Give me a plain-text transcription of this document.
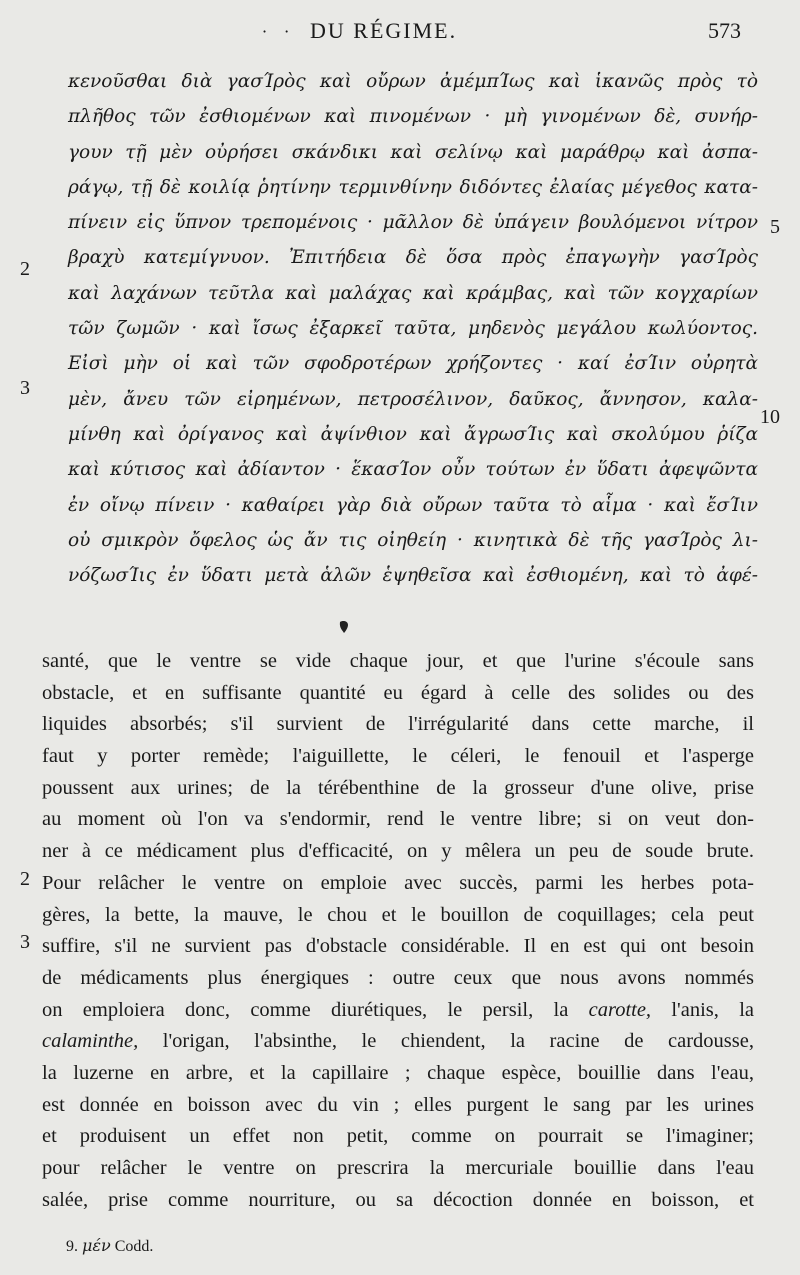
· · DU RÉGIME.	573
κενοῦσθαι διὰ γασΊρὸς καὶ οὔρων ἀμέμπΊως καὶ ἱκανῶς πρὸς τὸ
πλῆθος τῶν ἐσθιομένων καὶ πινομένων · μὴ γινομένων δὲ, συνήρ-
γουν τῇ μὲν οὐρήσει σκάνδικι καὶ σελίνῳ καὶ μαράθρῳ καὶ ἀσπα-
ράγῳ, τῇ δὲ κοιλίᾳ ῥητίνην τερμινθίνην διδόντες ἐλαίας μέγεθος κατα-
πίνειν εἰς ὕπνον τρεπομένοις · μᾶλλον δὲ ὑπάγειν βουλόμενοι νίτρον
βραχὺ κατεμίγνυον. Ἐπιτήδεια δὲ ὅσα πρὸς ἐπαγωγὴν γασΊρὸς
καὶ λαχάνων τεῦτλα καὶ μαλάχας καὶ κράμβας, καὶ τῶν κογχαρίων
τῶν ζωμῶν · καὶ ἴσως ἐξαρκεῖ ταῦτα, μηδενὸς μεγάλου κωλύοντος.
Εἰσὶ μὴν οἱ καὶ τῶν σφοδροτέρων χρήζοντες · καί ἐσΊιν οὐρητὰ
μὲν, ἄνευ τῶν εἰρημένων, πετροσέλινον, δαῦκος, ἄννησον, καλα-
μίνθη καὶ ὀρίγανος καὶ ἀψίνθιον καὶ ἄγρωσΊις καὶ σκολύμου ῥίζα
καὶ κύτισος καὶ ἀδίαντον · ἕκασΊον οὖν τούτων ἐν ὕδατι ἀφεψῶντα
ἐν οἴνῳ πίνειν · καθαίρει γὰρ διὰ οὔρων ταῦτα τὸ αἷμα · καὶ ἔσΊιν
οὐ σμικρὸν ὄφελος ὡς ἄν τις οἰηθείη · κινητικὰ δὲ τῆς γασΊρὸς λι-
νόζωσΊις ἐν ὕδατι μετὰ ἁλῶν ἑψηθεῖσα καὶ ἐσθιομένη, καὶ τὸ ἀφέ-
2
3
5
10
santé, que le ventre se vide chaque jour, et que l'urine s'écoule sans
obstacle, et en suffisante quantité eu égard à celle des solides ou des
liquides absorbés; s'il survient de l'irrégularité dans cette marche, il
faut y porter remède; l'aiguillette, le céleri, le fenouil et l'asperge
poussent aux urines; de la térébenthine de la grosseur d'une olive, prise
au moment où l'on va s'endormir, rend le ventre libre; si on veut don-
ner à ce médicament plus d'efficacité, on y mêlera un peu de soude brute.
Pour relâcher le ventre on emploie avec succès, parmi les herbes pota-
gères, la bette, la mauve, le chou et le bouillon de coquillages; cela peut
suffire, s'il ne survient pas d'obstacle considérable. Il en est qui ont besoin
de médicaments plus énergiques : outre ceux que nous avons nommés
on emploiera donc, comme diurétiques, le persil, la carotte, l'anis, la
calaminthe, l'origan, l'absinthe, le chiendent, la racine de cardousse,
la luzerne en arbre, et la capillaire ; chaque espèce, bouillie dans l'eau,
est donnée en boisson avec du vin ; elles purgent le sang par les urines
et produisent un effet non petit, comme on pourrait se l'imaginer;
pour relâcher le ventre on prescrira la mercuriale bouillie dans l'eau
salée, prise comme nourriture, ou sa décoction donnée en boisson, et
2
3
9. μέν Codd.
